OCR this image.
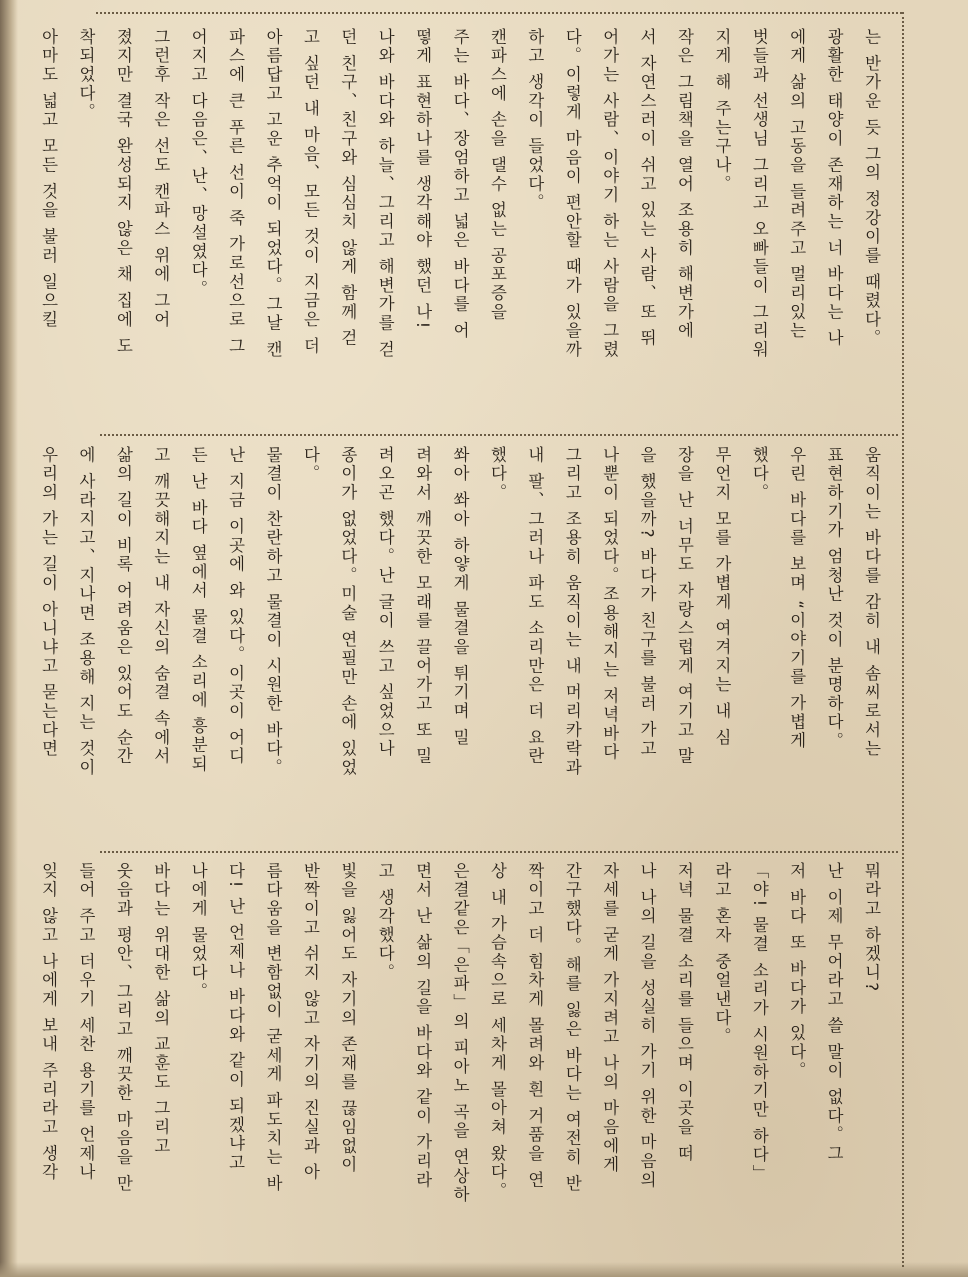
는 반가운 듯 그의 정강이를 때렸다。
광활한 태양이 존재하는 너 바다는 나
에게 삶의 고동을 들려주고 멀리있는
벗들과 선생님 그리고 오빠들이 그리워
지게 해 주는구나。
작은 그림책을 열어 조용히 해변가에
서 자연스러이 쉬고 있는 사람、또 뛰
어가는 사람、이야기 하는 사람을 그렸
다。이렇게 마음이 편안할 때가 있을까
하고 생각이 들었다。
캔파스에 손을 댈수 없는 공포증을
주는 바다、장엄하고 넓은 바다를 어
떻게 표현하나를 생각해야 했던 나!
나와 바다와 하늘、그리고 해변가를 걷
던 친구、친구와 심심치 않게 함께 걷
고 싶던 내 마음、모든 것이 지금은 더
아름답고 고운 추억이 되었다。그날 캔
파스에 큰 푸른 선이 죽 가로선으로 그
어지고 다음은、난、망설였다。
그런후 작은 선도 캔파스 위에 그어
졌지만 결국 완성되지 않은 채 집에 도
착되었다。
아마도 넓고 모든 것을 불러 일으킬
움직이는 바다를 감히 내 솜씨로서는
표현하기가 엄청난 것이 분명하다。
우린 바다를 보며 “이야기를 가볍게
했다。
무언지 모를 가볍게 여겨지는 내 심
장을 난 너무도 자랑스럽게 여기고 말
을 했을까? 바다가 친구를 불러 가고
나뿐이 되었다。조용해지는 저녁바다
그리고 조용히 움직이는 내 머리카락과
내 팔、그러나 파도 소리만은 더 요란
했다。
쏴아 쏴아 하얗게 물결을 튀기며 밀
려와서 깨끗한 모래를 끌어가고 또 밀
려오곤 했다。난 글이 쓰고 싶었으나
종이가 없었다。미술 연필만 손에 있었
다。
물결이 찬란하고 물결이 시원한 바다。
난 지금 이곳에 와 있다。이곳이 어디
든 난 바다 옆에서 물결 소리에 흥분되
고 깨끗해지는 내 자신의 숨결 속에서
삶의 길이 비록 어려움은 있어도 순간
에 사라지고、지나면 조용해 지는 것이
우리의 가는 길이 아니냐고 묻는다면
뭐라고 하겠니?
난 이제 무어라고 쓸 말이 없다。그
저 바다 또 바다가 있다。
「야! 물결 소리가 시원하기만 하다」
라고 혼자 중얼낸다。
저녁 물결 소리를 들으며 이곳을 떠
나 나의 길을 성실히 가기 위한 마음의
자세를 굳게 가지려고 나의 마음에게
간구했다。해를 잃은 바다는 여전히 반
짝이고 더 힘차게 몰려와 흰 거품을 연
상 내 가슴속으로 세차게 몰아쳐 왔다。
은결같은「은파」의 피아노 곡을 연상하
면서 난 삶의 길을 바다와 같이 가리라
고 생각했다。
빛을 잃어도 자기의 존재를 끊임없이
반짝이고 쉬지 않고 자기의 진실과 아
름다움을 변함없이 굳세게 파도치는 바
다! 난 언제나 바다와 같이 되겠냐고
나에게 물었다。
바다는 위대한 삶의 교훈도 그리고
웃음과 평안、그리고 깨끗한 마음을 만
들어 주고 더우기 세찬 용기를 언제나
잊지 않고 나에게 보내 주리라고 생각
